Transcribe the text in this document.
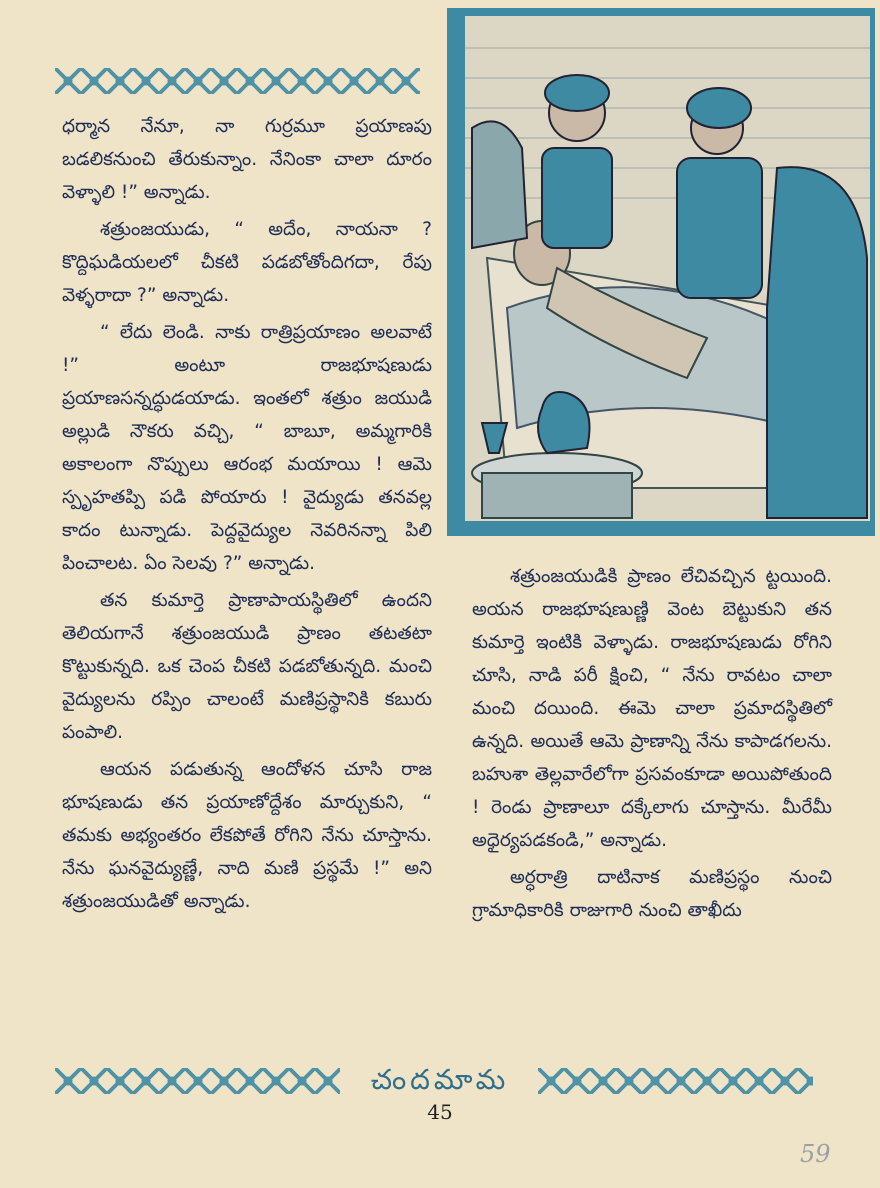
ధర్మాన నేనూ, నా గుర్రమూ ప్రయాణపు బడలికనుంచి తేరుకున్నాం. నేనింకా చాలా దూరం వెళ్ళాలి !” అన్నాడు.

శత్రుంజయుడు, “ అదేం, నాయనా ? కొద్దిఘడియలలో చీకటి పడబోతోందిగదా, రేపు వెళ్ళరాదా ?” అన్నాడు.

“ లేదు లెండి. నాకు రాత్రిప్రయాణం అలవాటే !” అంటూ రాజభూషణుడు ప్రయాణసన్నద్ధుడయాడు. ఇంతలో శత్రుం జయుడి అల్లుడి నౌకరు వచ్చి, “ బాబూ, అమ్మగారికి అకాలంగా నొప్పులు ఆరంభ మయాయి ! ఆమె స్పృహతప్పి పడి పోయారు ! వైద్యుడు తనవల్ల కాదం టున్నాడు. పెద్దవైద్యుల నెవరినన్నా పిలి పించాలట. ఏం సెలవు ?” అన్నాడు.

తన కుమార్తె ప్రాణాపాయస్థితిలో ఉందని తెలియగానే శత్రుంజయుడి ప్రాణం తటతటా కొట్టుకున్నది. ఒక చెంప చీకటి పడబోతున్నది. మంచి వైద్యులను రప్పిం చాలంటే మణిప్రస్థానికి కబురు పంపాలి.

ఆయన పడుతున్న ఆందోళన చూసి రాజ భూషణుడు తన ప్రయాణోద్దేశం మార్చుకుని, “ తమకు అభ్యంతరం లేకపోతే రోగిని నేను చూస్తాను. నేను ఘనవైద్యుణ్ణే, నాది మణి ప్రస్థమే !” అని శత్రుంజయుడితో అన్నాడు.

శత్రుంజయుడికి ప్రాణం లేచివచ్చిన ట్టయింది. అయన రాజభూషణుణ్ణి వెంట బెట్టుకుని తన కుమార్తె ఇంటికి వెళ్ళాడు. రాజభూషణుడు రోగిని చూసి, నాడి పరీ క్షించి, “ నేను రావటం చాలా మంచి దయింది. ఈమె చాలా ప్రమాదస్థితిలో ఉన్నది. అయితే ఆమె ప్రాణాన్ని నేను కాపాడగలను. బహుశా తెల్లవారేలోగా ప్రసవంకూడా అయిపోతుంది ! రెండు ప్రాణాలూ దక్కేలాగు చూస్తాను. మీరేమీ అధైర్యపడకండి,” అన్నాడు.

అర్ధరాత్రి దాటినాక మణిప్రస్థం నుంచి గ్రామాధికారికి రాజుగారి నుంచి తాఖీదు

చందమామ
45
59
